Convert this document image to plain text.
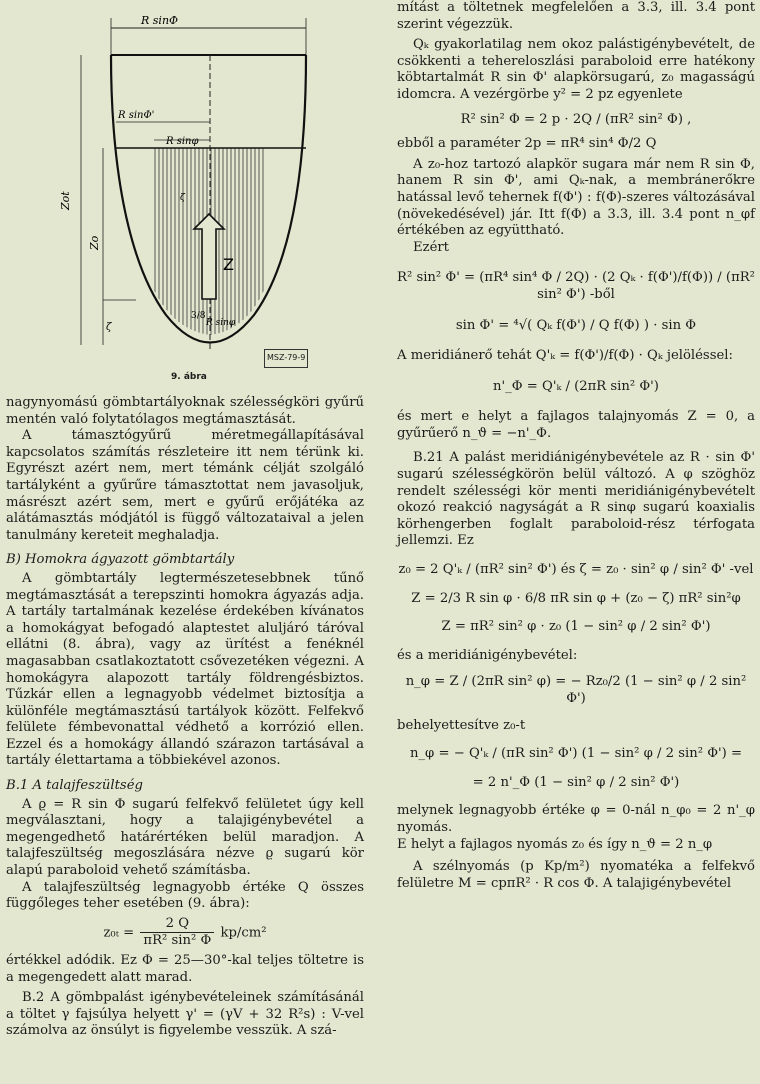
R sinΦ
R sinΦ'
R sinφ
Zot
Zo
ζ
Z
ζ
3/8
R sinφ
MSZ-79-9
9. ábra

nagynyomású gömbtartályoknak szélességköri gyűrű mentén való folytatólagos megtámasztását.

A támasztógyűrű méretmegállapításával kapcsolatos számítás részleteire itt nem térünk ki. Egyrészt azért nem, mert témánk célját szolgáló tartályként a gyűrűre támasztottat nem javasoljuk, másrészt azért sem, mert e gyűrű erőjátéka az alátámasztás módjától is függő változataival a jelen tanulmány kereteit meghaladja.

B) Homokra ágyazott gömbtartály

A gömbtartály legtermészetesebbnek tűnő megtámasztását a terepszinti homokra ágyazás adja. A tartály tartalmának kezelése érdekében kívánatos a homokágyat befogadó alaptestet aluljáró táróval ellátni (8. ábra), vagy az ürítést a fenéknél magasabban csatlakoztatott csővezetéken végezni. A homokágyra alapozott tartály földrengésbiztos. Tűzkár ellen a legnagyobb védelmet biztosítja a különféle megtámasztású tartályok között. Felfekvő felülete fémbevonattal védhető a korrózió ellen. Ezzel és a homokágy állandó szárazon tartásával a tartály élettartama a többiekével azonos.

B.1 A talajfeszültség

A ϱ = R sin Φ sugarú felfekvő felületet úgy kell megválasztani, hogy a talajigénybevétel a megengedhető határértéken belül maradjon. A talajfeszültség megoszlására nézve ϱ sugarú kör alapú paraboloid vehető számításba.

A talajfeszültség legnagyobb értéke Q összes függőleges teher esetében (9. ábra):

$z_{0t} = \frac{2 Q}{\text{πR² sin² Φ}} kp/cm^2$

értékkel adódik. Ez Φ = 25—30°-kal teljes töltetre is a megengedett alatt marad.

B.2 A gömbpalást igénybevételeinek számításánál a töltet γ fajsúlya helyett γ' = (γV + 32 R²s) : V-vel számolva az önsúlyt is figyelembe vesszük. A szá-

mítást a töltetnek megfelelően a 3.3, ill. 3.4 pont szerint végezzük.

Qₖ gyakorlatilag nem okoz palástigénybevételt, de csökkenti a tehereloszlási paraboloid erre hatékony köbtartalmát R sin Φ' alapkörsugarú, z₀ magasságú idomcra. A vezérgörbe y² = 2 pz egyenlete

R² sin² Φ = 2 p · 2Q / (πR² sin² Φ) ,

ebből a paraméter 2p = πR⁴ sin⁴ Φ/2 Q

A z₀-hoz tartozó alapkör sugara már nem R sin Φ, hanem R sin Φ', ami Qₖ-nak, a membránerőkre hatással levő tehernek f(Φ') : f(Φ)-szeres változásával (növekedésével) jár. Itt f(Φ) a 3.3, ill. 3.4 pont n_φf értékében az együttható.

Ezért

R² sin² Φ' = (πR⁴ sin⁴ Φ / 2Q) · (2 Qₖ · f(Φ')/f(Φ)) / (πR² sin² Φ') -ből

sin Φ' = ⁴√( Qₖ f(Φ') / Q f(Φ) ) · sin Φ

A meridiánerő tehát Q'ₖ = f(Φ')/f(Φ) · Qₖ jelöléssel:

n'_Φ = Q'ₖ / (2πR sin² Φ')

és mert e helyt a fajlagos talajnyomás Z = 0, a gyűrűerő n_ϑ = −n'_Φ.

B.21 A palást meridiánigénybevétele az R · sin Φ' sugarú szélességkörön belül változó. A φ szöghöz rendelt szélességi kör menti meridiánigénybevételt okozó reakció nagyságát a R sinφ sugarú koaxialis körhengerben foglalt paraboloid-rész térfogata jellemzi. Ez

z₀ = 2 Q'ₖ / (πR² sin² Φ') és ζ = z₀ · sin² φ / sin² Φ' -vel

Z = 2/3 R sin φ · 6/8 πR sin φ + (z₀ − ζ) πR² sin²φ

Z = πR² sin² φ · z₀ (1 − sin² φ / 2 sin² Φ')

és a meridiánigénybevétel:

n_φ = Z / (2πR sin² φ) = − Rz₀/2 (1 − sin² φ / 2 sin² Φ')

behelyettesítve z₀-t

n_φ = − Q'ₖ / (πR sin² Φ') (1 − sin² φ / 2 sin² Φ') =

= 2 n'_Φ (1 − sin² φ / 2 sin² Φ')

melynek legnagyobb értéke φ = 0-nál n_φ₀ = 2 n'_φ nyomás.

E helyt a fajlagos nyomás z₀ és így n_ϑ = 2 n_φ

A szélnyomás (p Kp/m²) nyomatéka a felfekvő felületre M = cpπR² · R cos Φ. A talajigénybevétel
